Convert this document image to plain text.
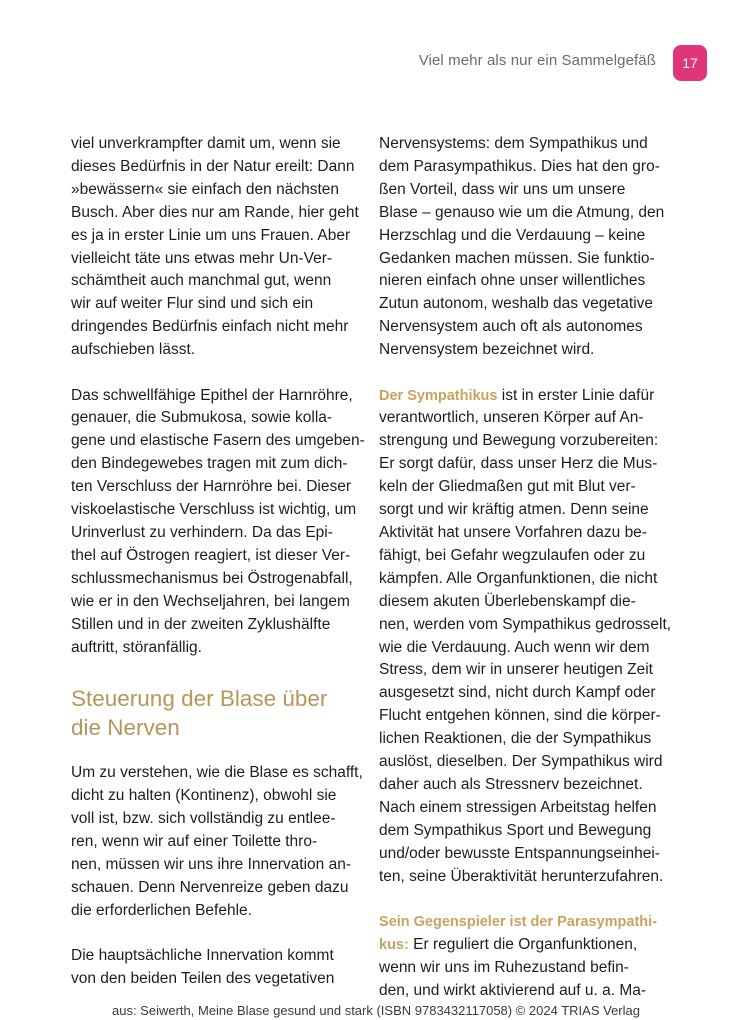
Viel mehr als nur ein Sammelgefäß	17

viel unverkrampfter damit um, wenn sie
dieses Bedürfnis in der Natur ereilt: Dann
»bewässern« sie einfach den nächsten
Busch. Aber dies nur am Rande, hier geht
es ja in erster Linie um uns Frauen. Aber
vielleicht täte uns etwas mehr Un-Ver-
schämtheit auch manchmal gut, wenn
wir auf weiter Flur sind und sich ein
dringendes Bedürfnis einfach nicht mehr
aufschieben lässt.

Das schwellfähige Epithel der Harnröhre,
genauer, die Submukosa, sowie kolla-
gene und elastische Fasern des umgeben-
den Bindegewebes tragen mit zum dich-
ten Verschluss der Harnröhre bei. Dieser
viskoelastische Verschluss ist wichtig, um
Urinverlust zu verhindern. Da das Epi-
thel auf Östrogen reagiert, ist dieser Ver-
schlussmechanismus bei Östrogenabfall,
wie er in den Wechseljahren, bei langem
Stillen und in der zweiten Zyklushälfte
auftritt, störanfällig.

Steuerung der Blase über
die Nerven

Um zu verstehen, wie die Blase es schafft,
dicht zu halten (Kontinenz), obwohl sie
voll ist, bzw. sich vollständig zu entlee-
ren, wenn wir auf einer Toilette thro-
nen, müssen wir uns ihre Innervation an-
schauen. Denn Nervenreize geben dazu
die erforderlichen Befehle.

Die hauptsächliche Innervation kommt
von den beiden Teilen des vegetativen

Nervensystems: dem Sympathikus und
dem Parasympathikus. Dies hat den gro-
ßen Vorteil, dass wir uns um unsere
Blase – genauso wie um die Atmung, den
Herzschlag und die Verdauung – keine
Gedanken machen müssen. Sie funktio-
nieren einfach ohne unser willentliches
Zutun autonom, weshalb das vegetative
Nervensystem auch oft als autonomes
Nervensystem bezeichnet wird.

Der Sympathikus ist in erster Linie dafür
verantwortlich, unseren Körper auf An-
strengung und Bewegung vorzubereiten:
Er sorgt dafür, dass unser Herz die Mus-
keln der Gliedmaßen gut mit Blut ver-
sorgt und wir kräftig atmen. Denn seine
Aktivität hat unsere Vorfahren dazu be-
fähigt, bei Gefahr wegzulaufen oder zu
kämpfen. Alle Organfunktionen, die nicht
diesem akuten Überlebenskampf die-
nen, werden vom Sympathikus gedrosselt,
wie die Verdauung. Auch wenn wir dem
Stress, dem wir in unserer heutigen Zeit
ausgesetzt sind, nicht durch Kampf oder
Flucht entgehen können, sind die körper-
lichen Reaktionen, die der Sympathikus
auslöst, dieselben. Der Sympathikus wird
daher auch als Stressnerv bezeichnet.
Nach einem stressigen Arbeitstag helfen
dem Sympathikus Sport und Bewegung
und/oder bewusste Entspannungseinhei-
ten, seine Überaktivität herunterzufahren.

Sein Gegenspieler ist der Parasympathi-
kus: Er reguliert die Organfunktionen,
wenn wir uns im Ruhezustand befin-
den, und wirkt aktivierend auf u. a. Ma-

aus: Seiwerth, Meine Blase gesund und stark (ISBN 9783432117058) © 2024 TRIAS Verlag
